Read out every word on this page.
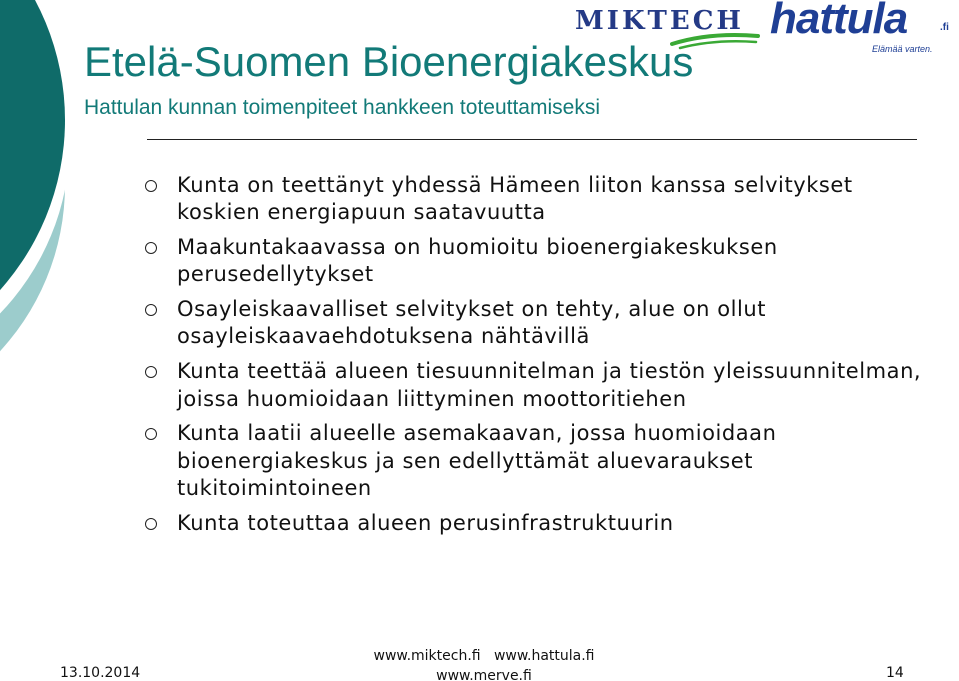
Etelä-Suomen Bioenergiakeskus
Hattulan kunnan toimenpiteet hankkeen toteuttamiseksi
MIKTECH hattula	.fi
Elämää varten.
Kunta on teettänyt yhdessä Hämeen liiton kanssa selvitykset koskien energiapuun saatavuutta
Maakuntakaavassa on huomioitu bioenergiakeskuksen perusedellytykset
Osayleiskaavalliset selvitykset on tehty, alue on ollut osayleiskaavaehdotuksena nähtävillä
Kunta teettää alueen tiesuunnitelman ja tiestön yleissuunnitelman, joissa huomioidaan liittyminen moottoritiehen
Kunta laatii alueelle asemakaavan, jossa huomioidaan bioenergiakeskus ja sen edellyttämät aluevaraukset tukitoimintoineen
Kunta toteuttaa alueen perusinfrastruktuurin
13.10.2014
www.miktech.fi   www.hattula.fi
www.merve.fi	14
